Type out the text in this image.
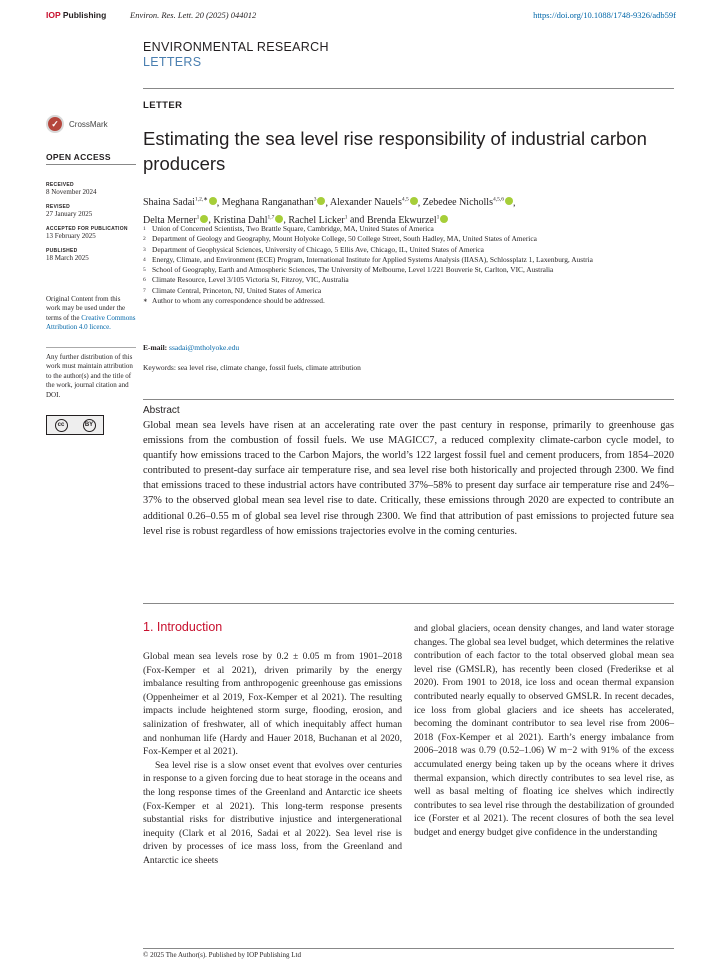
IOP Publishing	Environ. Res. Lett. 20 (2025) 044012	https://doi.org/10.1088/1748-9326/adb59f
ENVIRONMENTAL RESEARCH
LETTERS
✓	CrossMark
OPEN ACCESS
RECEIVED
8 November 2024
REVISED
27 January 2025
ACCEPTED FOR PUBLICATION
13 February 2025
PUBLISHED
18 March 2025
Original Content from this work may be used under the terms of the Creative Commons Attribution 4.0 licence.
Any further distribution of this work must maintain attribution to the author(s) and the title of the work, journal citation and DOI.
cc	BY
LETTER
Estimating the sea level rise responsibility of industrial carbon producers
Shaina Sadai$^{1,2,∗}$ , Meghana Ranganathan$^3$ , Alexander Nauels$^{4,5}$ , Zebedee Nicholls$^{4,5,6}$ ,
Delta Merner$^1$ , Kristina Dahl$^{1,7}$ , Rachel Licker$^1$ and Brenda Ekwurzel$^1$
1 Union of Concerned Scientists, Two Brattle Square, Cambridge, MA, United States of America
2 Department of Geology and Geography, Mount Holyoke College, 50 College Street, South Hadley, MA, United States of America
3 Department of Geophysical Sciences, University of Chicago, 5 Ellis Ave, Chicago, IL, United States of America
4 Energy, Climate, and Environment (ECE) Program, International Institute for Applied Systems Analysis (IIASA), Schlossplatz 1, Laxenburg, Austria
5 School of Geography, Earth and Atmospheric Sciences, The University of Melbourne, Level 1/221 Bouverie St, Carlton, VIC, Australia
6 Climate Resource, Level 3/105 Victoria St, Fitzroy, VIC, Australia
7 Climate Central, Princeton, NJ, United States of America
∗ Author to whom any correspondence should be addressed.
E-mail: ssadai@mtholyoke.edu
Keywords: sea level rise, climate change, fossil fuels, climate attribution
Abstract
Global mean sea levels have risen at an accelerating rate over the past century in response, primarily to greenhouse gas emissions from the combustion of fossil fuels. We use MAGICC7, a reduced complexity climate-carbon cycle model, to quantify how emissions traced to the Carbon Majors, the world’s 122 largest fossil fuel and cement producers, from 1854–2020 contributed to present-day surface air temperature rise, and sea level rise both historically and projected through 2300. We find that emissions traced to these industrial actors have contributed 37%–58% to present day surface air temperature rise and 24%–37% to the observed global mean sea level rise to date. Critically, these emissions through 2020 are expected to contribute an additional 0.26–0.55 m of global sea level rise through 2300. We find that attribution of past emissions to projected future sea level rise is robust regardless of how emissions trajectories evolve in the coming centuries.
1. Introduction

Global mean sea levels rose by 0.2 ± 0.05 m from 1901–2018 (Fox-Kemper et al 2021), driven primarily by the energy imbalance resulting from anthropogenic greenhouse gas emissions (Oppenheimer et al 2019, Fox-Kemper et al 2021). The resulting impacts include heightened storm surge, flooding, erosion, and salinization of freshwater, all of which inequitably affect human and nonhuman life (Hardy and Hauer 2018, Buchanan et al 2020, Fox-Kemper et al 2021).

Sea level rise is a slow onset event that evolves over centuries in response to a given forcing due to heat storage in the oceans and the long response times of the Greenland and Antarctic ice sheets (Fox-Kemper et al 2021). This long-term response presents substantial risks for distributive injustice and intergenerational inequity (Clark et al 2016, Sadai et al 2022). Sea level rise is driven by processes of ice mass loss, from the Greenland and Antarctic ice sheets

and global glaciers, ocean density changes, and land water storage changes. The global sea level budget, which determines the relative contribution of each factor to the total observed global mean sea level rise (GMSLR), has recently been closed (Frederikse et al 2020). From 1901 to 2018, ice loss and ocean thermal expansion contributed nearly equally to observed GMSLR. In recent decades, ice loss from global glaciers and ice sheets has accelerated, becoming the dominant contributor to sea level rise from 2006–2018 (Fox-Kemper et al 2021). Earth’s energy imbalance from 2006–2018 was 0.79 (0.52–1.06) W m−2 with 91% of the excess accumulated energy being taken up by the oceans where it drives thermal expansion, which directly contributes to sea level rise, as well as basal melting of floating ice shelves which indirectly contributes to sea level rise through the destabilization of grounded ice (Forster et al 2021). The recent closures of both the sea level budget and energy budget give confidence in the understanding

© 2025 The Author(s). Published by IOP Publishing Ltd
